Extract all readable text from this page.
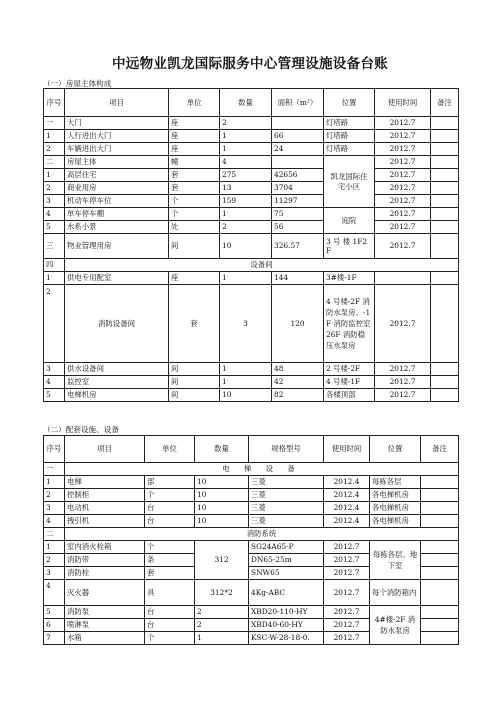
中远物业凯龙国际服务中心管理设施设备台账
（一）房屋主体构成
序号	项目	单位	数量	面积（m²）	位置	使用时间	备注
一	大门	座	2		灯塔路	2012.7	
1	人行进出大门	座	1	66	灯塔路	2012.7	
2	车辆进出大门	座	1	24	灯塔路	2012.7	
二	房屋主体	幢	4		凯龙国际住宅小区	2012.7	
1	高层住宅	套	275	42656		2012.7	
2	商业用房	套	13	3704		2012.7	
3	机动车停车位	个	159	11297		2012.7	
4	单车停车棚	个	1	75	庭院	2012.7	
5	水系小景	处	2	56		2012.7	
三	物业管理用房	间	10	326.57	3 号 楼 1F2F	2012.7	
四	设备间						
1	供电专用配室	座	1	144	3#楼-1F		
2	消防设备间	套	3	120	4 号楼-2F 消防水泵房、-1F 消防监控室 26F 消防稳压水泵房	2012.7	
3	供水设备间	间	1	48	2 号楼-2F	2012.7	
4	监控室	间	1	42	4 号楼-1F	2012.7	
5	电梯机房	间	10	82	各楼顶部	2012.7	
（二）配套设施、设备
序号	项目	单位	数量	规格型号	使用时间	位置	备注
一	电 梯 设 备						
1	电梯	部	10	三菱	2012.4	每栋各层	
2	控制柜	个	10	三菱	2012.4	各电梯机房	
3	电动机	台	10	三菱	2012.4	各电梯机房	
4	拽引机	台	10	三菱	2012.4	各电梯机房	
二	消防系统						
1	室内消火栓箱	个	312	SG24A65-P	2012.7	每栋各层、地下室	
2	消防带	条		DN65-25m	2012.7		
3	消防栓	套		SNW65	2012.7		
4	灭火器	具	312*2	4Kg-ABC	2012.7	每个消防箱内	
5	消防泵	台	2	XBD20-110-HY	2012.7	4#楼-2F 消防水泵房	
6	喷淋泵	台	2	XBD40-60-HY	2012.7		
7	水箱	个	1	KSC-W-28-18-0.	2012.7		
